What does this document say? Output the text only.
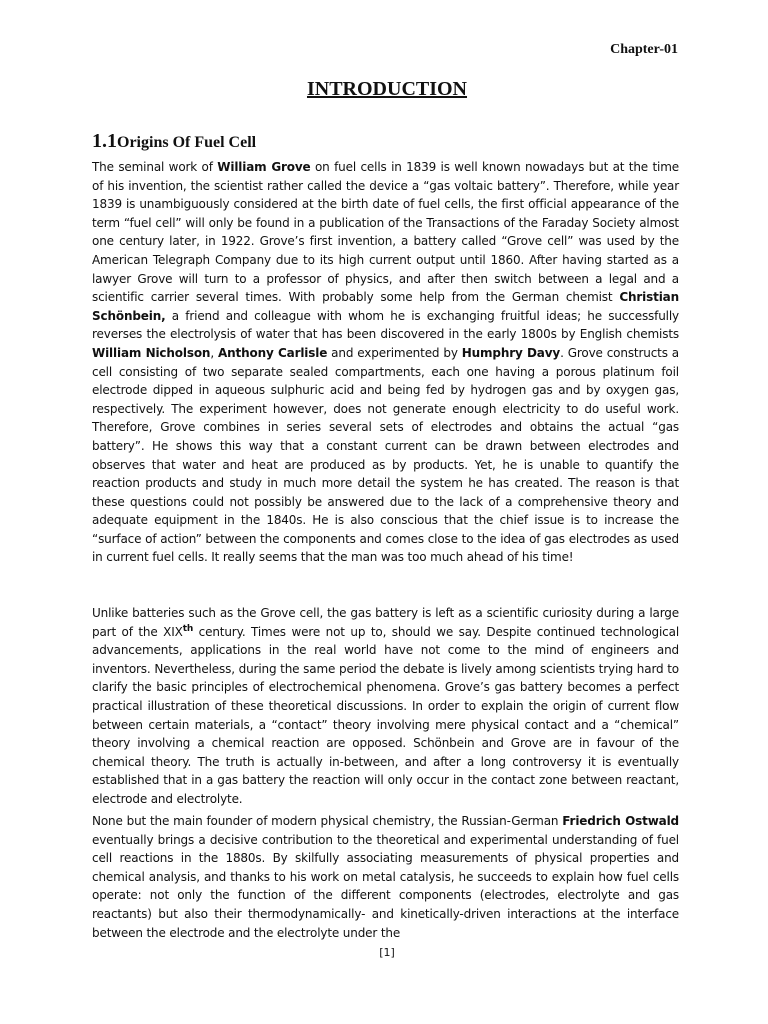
Chapter-01
INTRODUCTION
1.1Origins Of Fuel Cell

The seminal work of William Grove on fuel cells in 1839 is well known nowadays but at the time of his invention, the scientist rather called the device a “gas voltaic battery”. Therefore, while year 1839 is unambiguously considered at the birth date of fuel cells, the first official appearance of the term “fuel cell” will only be found in a publication of the Transactions of the Faraday Society almost one century later, in 1922. Grove’s first invention, a battery called “Grove cell” was used by the American Telegraph Company due to its high current output until 1860. After having started as a lawyer Grove will turn to a professor of physics, and after then switch between a legal and a scientific carrier several times. With probably some help from the German chemist Christian Schönbein, a friend and colleague with whom he is exchanging fruitful ideas; he successfully reverses the electrolysis of water that has been discovered in the early 1800s by English chemists William Nicholson, Anthony Carlisle and experimented by Humphry Davy. Grove constructs a cell consisting of two separate sealed compartments, each one having a porous platinum foil electrode dipped in aqueous sulphuric acid and being fed by hydrogen gas and by oxygen gas, respectively. The experiment however, does not generate enough electricity to do useful work. Therefore, Grove combines in series several sets of electrodes and obtains the actual “gas battery”. He shows this way that a constant current can be drawn between electrodes and observes that water and heat are produced as by products. Yet, he is unable to quantify the reaction products and study in much more detail the system he has created. The reason is that these questions could not possibly be answered due to the lack of a comprehensive theory and adequate equipment in the 1840s. He is also conscious that the chief issue is to increase the “surface of action” between the components and comes close to the idea of gas electrodes as used in current fuel cells. It really seems that the man was too much ahead of his time!

Unlike batteries such as the Grove cell, the gas battery is left as a scientific curiosity during a large part of the XIXth century. Times were not up to, should we say. Despite continued technological advancements, applications in the real world have not come to the mind of engineers and inventors. Nevertheless, during the same period the debate is lively among scientists trying hard to clarify the basic principles of electrochemical phenomena. Grove’s gas battery becomes a perfect practical illustration of these theoretical discussions. In order to explain the origin of current flow between certain materials, a “contact” theory involving mere physical contact and a “chemical” theory involving a chemical reaction are opposed. Schönbein and Grove are in favour of the chemical theory. The truth is actually in-between, and after a long controversy it is eventually established that in a gas battery the reaction will only occur in the contact zone between reactant, electrode and electrolyte.

None but the main founder of modern physical chemistry, the Russian-German Friedrich Ostwald eventually brings a decisive contribution to the theoretical and experimental understanding of fuel cell reactions in the 1880s. By skilfully associating measurements of physical properties and chemical analysis, and thanks to his work on metal catalysis, he succeeds to explain how fuel cells operate: not only the function of the different components (electrodes, electrolyte and gas reactants) but also their thermodynamically- and kinetically-driven interactions at the interface between the electrode and the electrolyte under the

[1]
